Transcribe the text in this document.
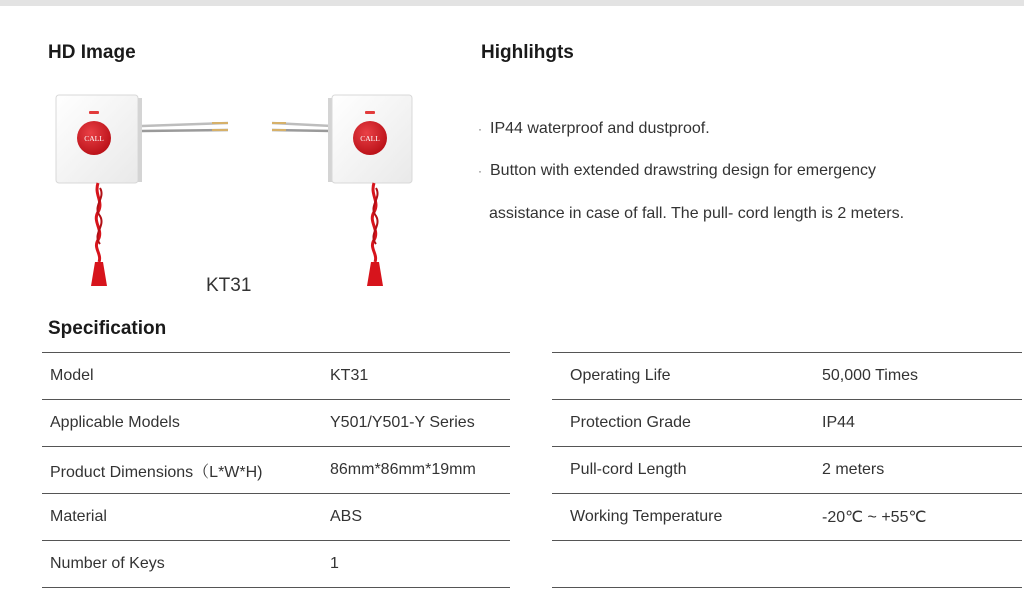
HD Image	Highlihgts
Specification
CALL	CALL
KT31
· IP44 waterproof and dustproof.
· Button with extended drawstring design for emergency
assistance in case of fall. The pull- cord length is 2 meters.
Model	KT31
Applicable Models	Y501/Y501-Y Series
Product Dimensions（L*W*H)	86mm*86mm*19mm
Material	ABS
Number of Keys	1
Operating Life	50,000 Times
Protection Grade	IP44
Pull-cord Length	2 meters
Working Temperature	-20℃ ~ +55℃
